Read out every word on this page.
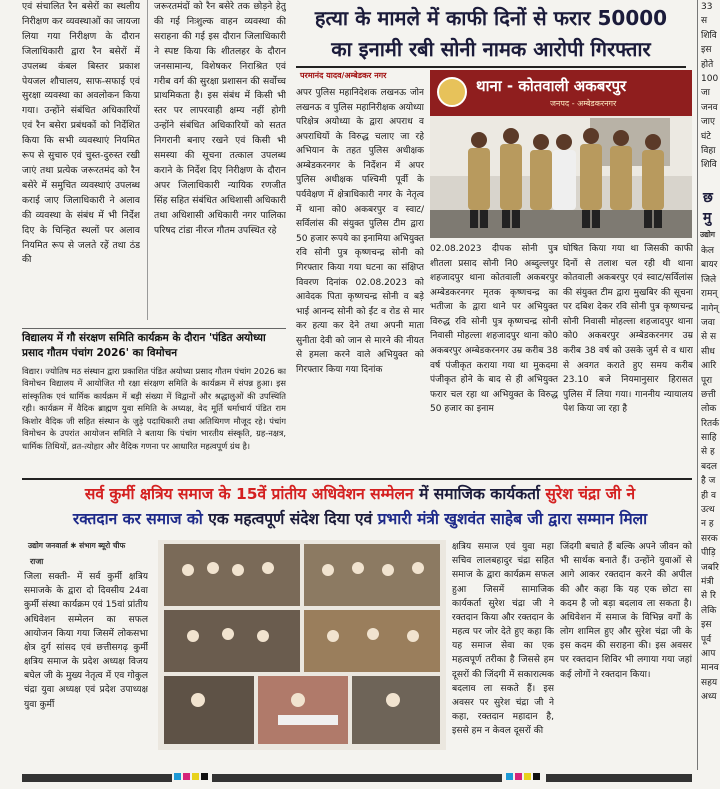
एवं संचालित रैन बसेरों का स्थलीय निरीक्षण कर व्यवस्थाओं का जायजा लिया गया निरीक्षण के दौरान जिलाधिकारी द्वारा रैन बसेरों में उपलब्ध कंबल बिस्तर प्रकाश पेयजल शौचालय, साफ-सफाई एवं सुरक्षा व्यवस्था का अवलोकन किया गया। उन्होंने संबंधित अधिकारियों एवं रैन बसेरा प्रबंधकों को निर्देशित किया कि सभी व्यवस्थाएं नियमित रूप से सुचारु एवं चुस्त-दुरुस्त रखी जाएं तथा प्रत्येक जरूरतमंद को रैन बसेरे में समुचित व्यवस्थाएं उपलब्ध कराई जाए जिलाधिकारी ने अलाव की व्यवस्था के संबंध में भी निर्देश दिए के चिन्हित स्थलों पर अलाव नियमित रूप से जलते रहें तथा ठंड की
जरूरतमंदों को रैन बसेरे तक छोड़ने हेतु की गई निःशुल्क वाहन व्यवस्था की सराहना की गई इस दौरान जिलाधिकारी ने स्पष्ट किया कि शीतलहर के दौरान जनसामान्य, विशेषकर निराश्रित एवं गरीब वर्ग की सुरक्षा प्रशासन की सर्वोच्च प्राथमिकता है। इस संबंध में किसी भी स्तर पर लापरवाही क्षम्य नहीं होगी उन्होंने संबंधित अधिकारियों को सतत निगरानी बनाए रखने एवं किसी भी समस्या की सूचना तत्काल उपलब्ध कराने के निर्देश दिए निरीक्षण के दौरान अपर जिलाधिकारी न्यायिक रणजीत सिंह सहित संबंधित अधिशासी अधिकारी तथा अधिशासी अधिकारी नगर पालिका परिषद टांडा नीरज गौतम उपस्थित रहे
विद्यालय में गौ संरक्षण समिति कार्यक्रम के दौरान 'पंडित अयोध्या प्रसाद गौतम पंचांग 2026' का विमोचन
विद्यार। ज्योतिष मठ संस्थान द्वारा प्रकाशित पंडित अयोध्या प्रसाद गौतम पंचांग 2026 का विमोचन विद्यालय में आयोजित गौ रक्षा संरक्षण समिति के कार्यक्रम में संपन्न हुआ। इस सांस्कृतिक एवं धार्मिक कार्यक्रम में बड़ी संख्या में विद्वानों और श्रद्धालुओं की उपस्थिति रही। कार्यक्रम में वैदिक ब्राह्मण युवा समिति के अध्यक्ष, वेद मूर्ति धर्माचार्य पंडित राम किशोर वैदिक जी सहित संस्थान के जुड़े पदाधिकारी तथा अतिथिगण मौजूद रहे। पंचांग विमोचन के उपरांत आयोजन समिति ने बताया कि पंचांग भारतीय संस्कृति, ग्रह-नक्षत्र, धार्मिक तिथियों, व्रत-त्योहार और वैदिक गणना पर आधारित महत्वपूर्ण ग्रंथ है।
हत्या के मामले में काफी दिनों से फरार 50000
का इनामी रबी सोनी नामक आरोपी गिरफ्तार
परमानंद यादव/अम्बेडकर नगर
अपर पुलिस महानिदेशक लखनऊ जोन लखनऊ व पुलिस महानिरीक्षक अयोध्या परिक्षेत्र अयोध्या के द्वारा अपराध व अपराधियों के विरुद्ध चलाए जा रहे अभियान के तहत पुलिस अधीक्षक अम्बेडकरनगर के निर्देशन में अपर पुलिस अधीक्षक पश्चिमी पूर्वी के पर्यवेक्षण में क्षेत्राधिकारी नगर के नेतृत्व में थाना को0 अकबरपुर व स्वाट/सर्विलांस की संयुक्त पुलिस टीम द्वारा 50 हजार रूपये का इनामिया अभियुक्त रवि सोनी पुत्र कृष्णचन्द्र सोनी को गिरफ्तार किया गया घटना का संक्षिप्त विवरण दिनांक 02.08.2023 को आवेदक पिता कृष्णचन्द्र सोनी व बड़े भाई आनन्द सोनी को ईंट व रोड से मार कर हत्या कर देने तथा अपनी माता सुनीता देवी को जान से मारने की नीयत से हमला करने वाले अभियुक्त को गिरफ्तार किया गया दिनांक
थाना - कोतवाली अकबरपुर
जनपद - अम्बेडकरनगर
02.08.2023 दीपक सोनी पुत्र शीतला प्रसाद सोनी नि0 अब्दुल्लपुर शहजादपुर थाना कोतवाली अकबरपुर अम्बेडकरनगर मृतक कृष्णचन्द्र का भतीजा के द्वारा थाने पर अभियुक्त विरुद्ध रवि सोनी पुत्र कृष्णचन्द्र सोनी निवासी मोहल्ला शहजादपुर थाना को0 अकबरपुर अम्बेडकरनगर उम्र करीब 38 वर्ष पंजीकृत कराया गया था मुकदमा पंजीकृत होने के बाद से ही अभियुक्त फरार चल रहा था अभियुक्त के विरुद्ध 50 हजार का इनाम
घोषित किया गया था जिसकी काफी दिनों से तलाश चल रही थी थाना कोतवाली अकबरपुर एवं स्वाट/सर्विलांस की संयुक्त टीम द्वारा मुखबिर की सूचना पर दबिश देकर रवि सोनी पुत्र कृष्णचन्द्र सोनी निवासी मोहल्ला शहजादपुर थाना को0 अकबरपुर अम्बेडकरनगर उम्र करीब 38 वर्ष को उसके जुर्म से व धारा से अवगत कराते हुए समय करीब 23.10 बजे नियमानुसार हिरासत पुलिस में लिया गया। गाननीय न्यायालय पेश किया जा रहा है
सर्व कुर्मी क्षत्रिय समाज के 15वें प्रांतीय अधिवेशन सम्मेलन में समाजिक कार्यकर्ता सुरेश चंद्रा जी ने
रक्तदान कर समाज को एक महत्वपूर्ण संदेश दिया एवं प्रभारी मंत्री खुशवंत साहेब जी द्वारा सम्मान मिला
उद्योग जनवार्ता ✱ संभाग ब्यूरो चीफ
राजा
जिला सक्ती- में सर्व कुर्मी क्षत्रिय समाजके के द्वारा दो दिवसीय 24वा कुर्मी संस्था कार्यक्रम एवं 15वां प्रांतीय अधिवेशन सम्मेलन का सफल आयोजन किया गया जिसमें लोकसभा क्षेत्र दुर्ग सांसद एवं छत्तीसगढ़ कुर्मी क्षत्रिय समाज के प्रदेश अध्यक्ष विजय बघेल जी के मुख्य नेतृत्व में एव गोकुल चंद्रा युवा अध्यक्ष एवं प्रदेश उपाध्यक्ष युवा कुर्मी
क्षत्रिय समाज एवं युवा महा सचिव लालबहादुर चंद्रा सहित समाज के द्वारा कार्यक्रम सफल हुआ जिसमें सामाजिक कार्यकर्ता सुरेश चंद्रा जी ने रक्तदान किया और रक्तदान के महत्व पर जोर देते हुए कहा कि यह समाज सेवा का एक महत्वपूर्ण तरीका है जिससे हम दूसरों की जिंदगी में सकारात्मक बदलाव ला सकते हैं। इस अवसर पर सुरेश चंद्रा जी ने कहा, रक्तदान महादान है, इससे हम न केवल दूसरों की
जिंदगी बचाते हैं बल्कि अपने जीवन को भी सार्थक बनाते हैं। उन्होंने युवाओं से आगे आकर रक्तदान करने की अपील की और कहा कि यह एक छोटा सा कदम है जो बड़ा बदलाव ला सकता है। अधिवेशन में समाज के विभिन्न वर्गों के लोग शामिल हुए और सुरेश चंद्रा जी के इस कदम की सराहना की। इस अवसर पर रक्तदान शिविर भी लगाया गया जहां कई लोगों ने रक्तदान किया।
33 स शिवि इस होते 100 जा जनव जाए घंटे विहा शिवि
छ
मु
उद्योग
केल बायर जिले रामन् नागेन् जवा से स सीध आरि पूरा छत्ती लोक रितर्क साहि से ह बदल है ज ही व उत्थ न ह सरक पीड़ि जबरि मंत्री से रि लेकि इस पूर्व आप मानव सहय अध्य
